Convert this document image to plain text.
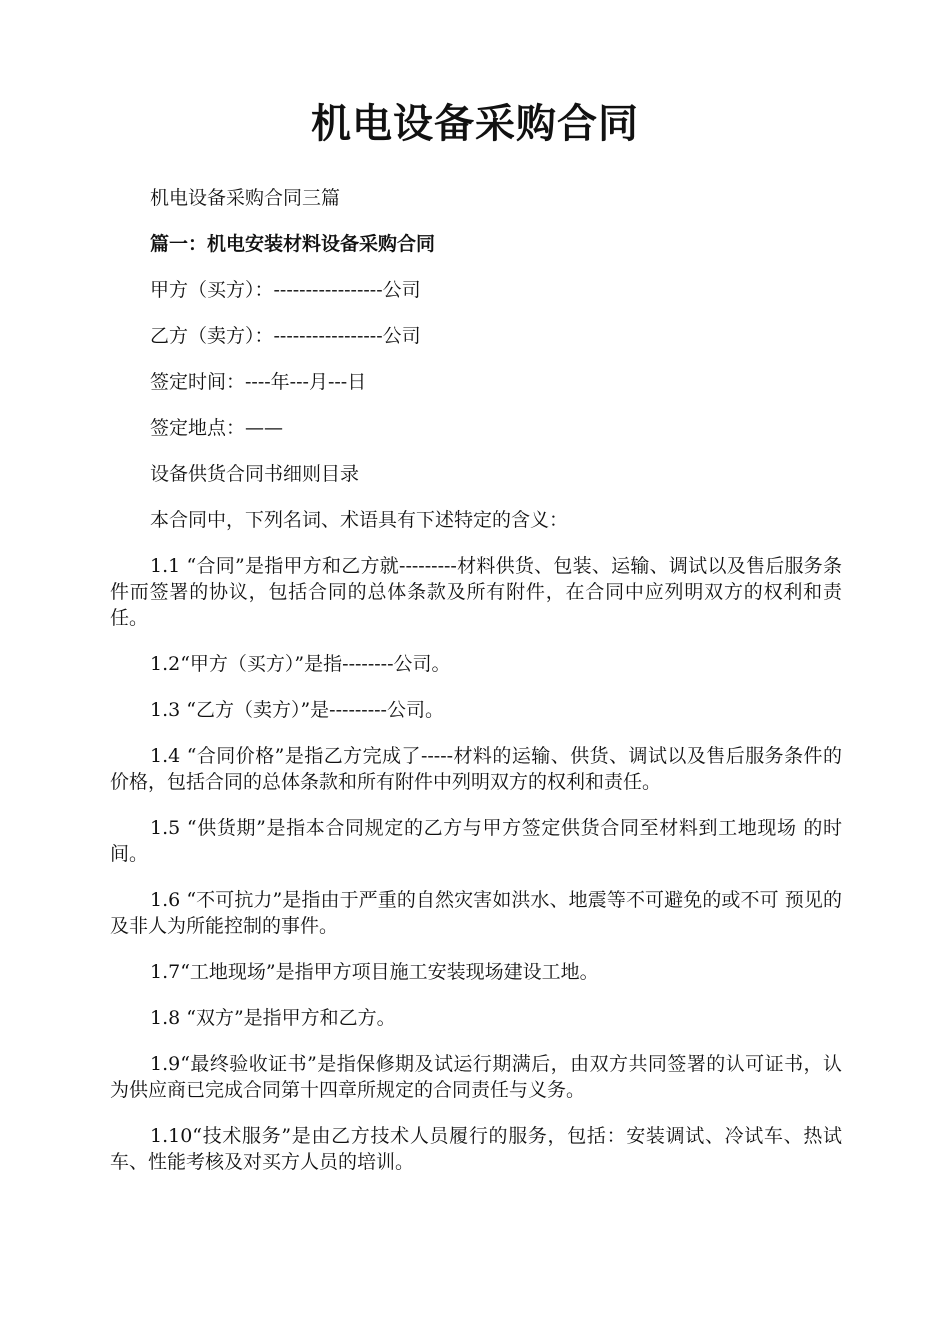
机电设备采购合同

机电设备采购合同三篇

篇一：机电安装材料设备采购合同

甲方（买方）：-----------------公司

乙方（卖方）：-----------------公司

签定时间：----年---月---日

签定地点：——

设备供货合同书细则目录

本合同中，下列名词、术语具有下述特定的含义：

1.1 “合同”是指甲方和乙方就---------材料供货、包装、运输、调试以及售后服务条件而签署的协议，包括合同的总体条款及所有附件，在合同中应列明双方的权利和责任。

1.2“甲方（买方）”是指--------公司。

1.3 “乙方（卖方）”是---------公司。

1.4 “合同价格”是指乙方完成了-----材料的运输、供货、调试以及售后服务条件的价格，包括合同的总体条款和所有附件中列明双方的权利和责任。

1.5 “供货期”是指本合同规定的乙方与甲方签定供货合同至材料到工地现场 的时间。

1.6 “不可抗力”是指由于严重的自然灾害如洪水、地震等不可避免的或不可 预见的及非人为所能控制的事件。

1.7“工地现场”是指甲方项目施工安装现场建设工地。

1.8 “双方”是指甲方和乙方。

1.9“最终验收证书”是指保修期及试运行期满后，由双方共同签署的认可证书，认为供应商已完成合同第十四章所规定的合同责任与义务。

1.10“技术服务”是由乙方技术人员履行的服务，包括：安装调试、冷试车、热试车、性能考核及对买方人员的培训。
